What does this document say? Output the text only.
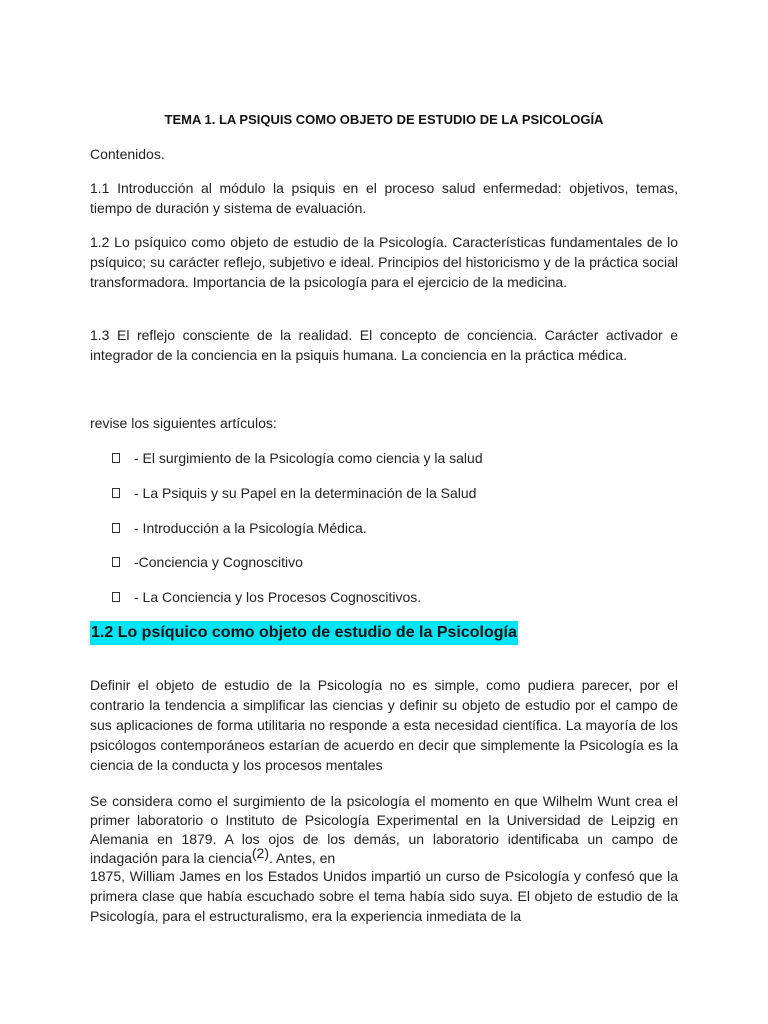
TEMA 1. LA PSIQUIS COMO OBJETO DE ESTUDIO DE LA PSICOLOGÍA

Contenidos.

1.1 Introducción al módulo la psiquis en el proceso salud enfermedad: objetivos, temas, tiempo de duración y sistema de evaluación.

1.2 Lo psíquico como objeto de estudio de la Psicología. Características fundamentales de lo psíquico; su carácter reflejo, subjetivo e ideal. Principios del historicismo y de la práctica social transformadora. Importancia de la psicología para el ejercicio de la medicina.

1.3 El reflejo consciente de la realidad. El concepto de conciencia. Carácter activador e integrador de la conciencia en la psiquis humana. La conciencia en la práctica médica.

revise los siguientes artículos:

- El surgimiento de la Psicología como ciencia y la salud
- La Psiquis y su Papel en la determinación de la Salud
- Introducción a la Psicología Médica.
-Conciencia y Cognoscitivo
- La Conciencia y los Procesos Cognoscitivos.
1.2 Lo psíquico como objeto de estudio de la Psicología

Definir el objeto de estudio de la Psicología no es simple, como pudiera parecer, por el contrario la tendencia a simplificar las ciencias y definir su objeto de estudio por el campo de sus aplicaciones de forma utilitaria no responde a esta necesidad científica. La mayoría de los psicólogos contemporáneos estarían de acuerdo en decir que simplemente la Psicología es la ciencia de la conducta y los procesos mentales

Se considera como el surgimiento de la psicología el momento en que Wilhelm Wunt crea el primer laboratorio o Instituto de Psicología Experimental en la Universidad de Leipzig en Alemania en 1879. A los ojos de los demás, un laboratorio identificaba un campo de indagación para la ciencia$^{(2)}$. Antes, en

1875, William James en los Estados Unidos impartió un curso de Psicología y confesó que la primera clase que había escuchado sobre el tema había sido suya. El objeto de estudio de la Psicología, para el estructuralismo, era la experiencia inmediata de la
